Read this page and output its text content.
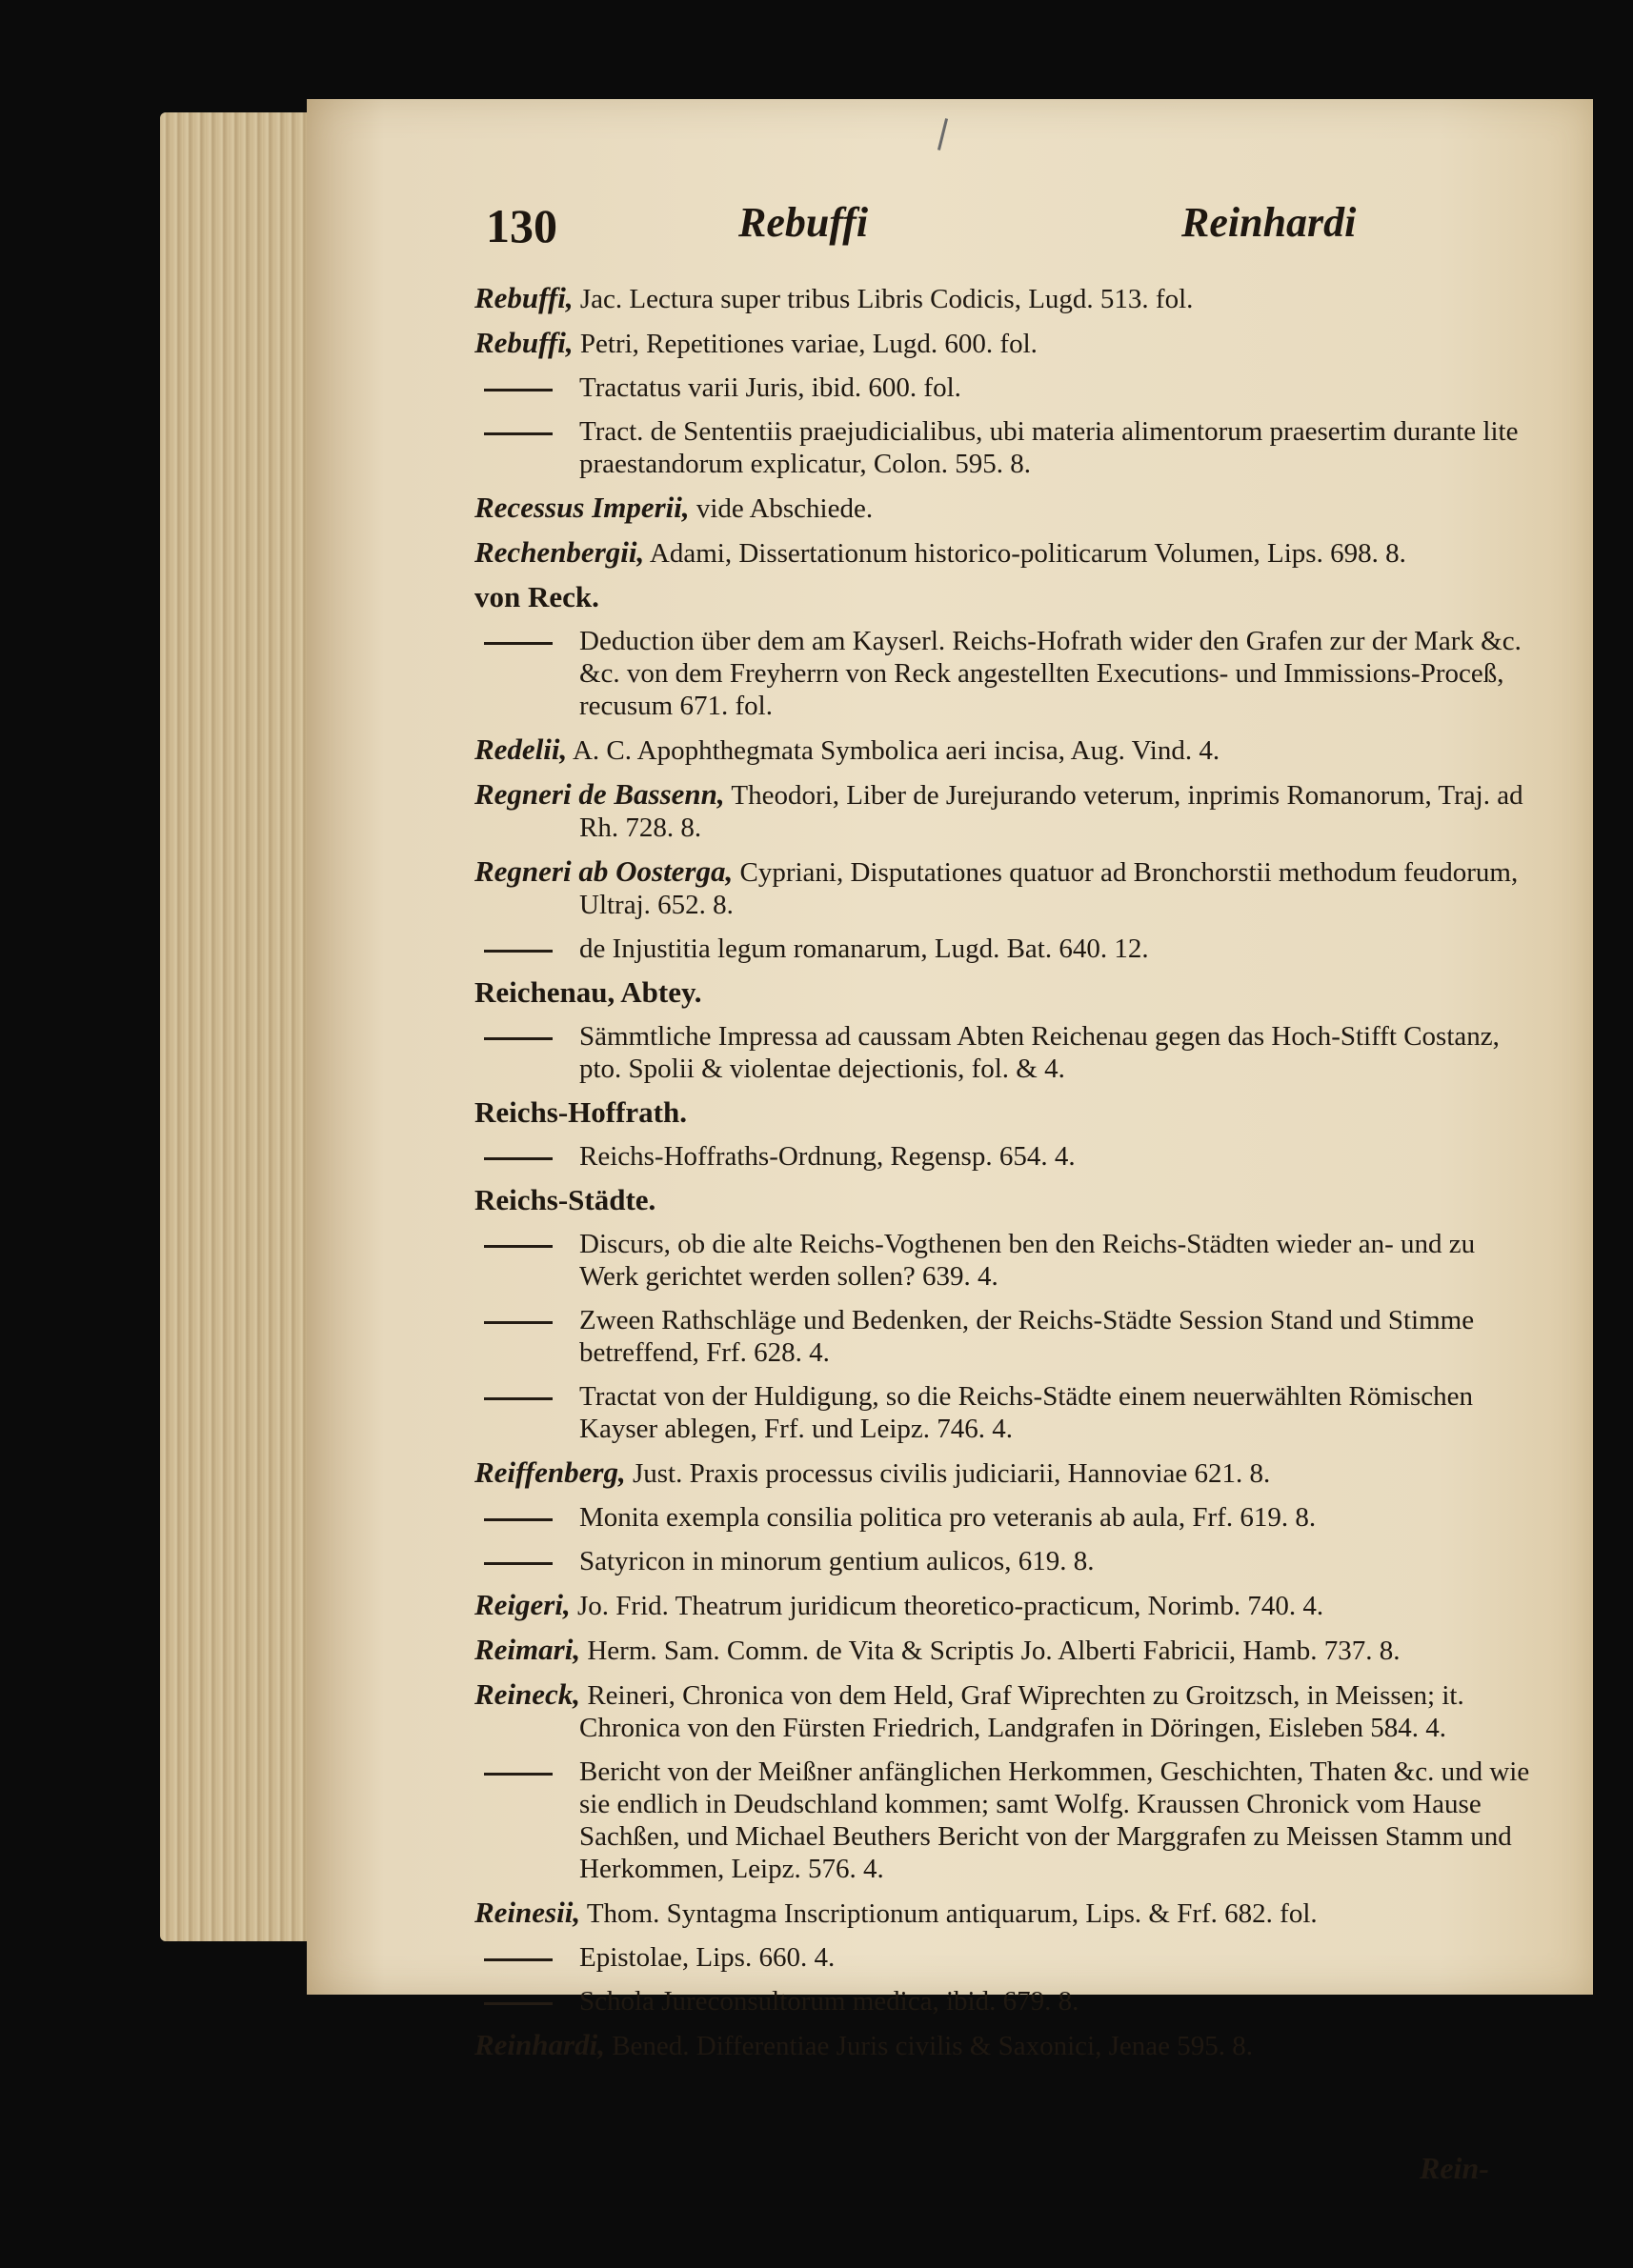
130	Rebuffi	Reinhardi
Rebuffi, Jac. Lectura super tribus Libris Codicis, Lugd. 513. fol.
Rebuffi, Petri, Repetitiones variae, Lugd. 600. fol.
Tractatus varii Juris, ibid. 600. fol.
Tract. de Sententiis praejudicialibus, ubi materia alimentorum praesertim durante lite praestandorum explicatur, Colon. 595. 8.
Recessus Imperii, vide Abschiede.
Rechenbergii, Adami, Dissertationum historico-politicarum Volumen, Lips. 698. 8.
von Reck.
Deduction über dem am Kayserl. Reichs-Hofrath wider den Grafen zur der Mark &c. &c. von dem Freyherrn von Reck angestellten Executions- und Immissions-Proceß, recusum 671. fol.
Redelii, A. C. Apophthegmata Symbolica aeri incisa, Aug. Vind. 4.
Regneri de Bassenn, Theodori, Liber de Jurejurando veterum, inprimis Romanorum, Traj. ad Rh. 728. 8.
Regneri ab Oosterga, Cypriani, Disputationes quatuor ad Bronchorstii methodum feudorum, Ultraj. 652. 8.
de Injustitia legum romanarum, Lugd. Bat. 640. 12.
Reichenau, Abtey.
Sämmtliche Impressa ad caussam Abten Reichenau gegen das Hoch-Stifft Costanz, pto. Spolii & violentae dejectionis, fol. & 4.
Reichs-Hoffrath.
Reichs-Hoffraths-Ordnung, Regensp. 654. 4.
Reichs-Städte.
Discurs, ob die alte Reichs-Vogthenen ben den Reichs-Städten wieder an- und zu Werk gerichtet werden sollen? 639. 4.
Zween Rathschläge und Bedenken, der Reichs-Städte Session Stand und Stimme betreffend, Frf. 628. 4.
Tractat von der Huldigung, so die Reichs-Städte einem neuerwählten Römischen Kayser ablegen, Frf. und Leipz. 746. 4.
Reiffenberg, Just. Praxis processus civilis judiciarii, Hannoviae 621. 8.
Monita exempla consilia politica pro veteranis ab aula, Frf. 619. 8.
Satyricon in minorum gentium aulicos, 619. 8.
Reigeri, Jo. Frid. Theatrum juridicum theoretico-practicum, Norimb. 740. 4.
Reimari, Herm. Sam. Comm. de Vita & Scriptis Jo. Alberti Fabricii, Hamb. 737. 8.
Reineck, Reineri, Chronica von dem Held, Graf Wiprechten zu Groitzsch, in Meissen; it. Chronica von den Fürsten Friedrich, Landgrafen in Döringen, Eisleben 584. 4.
Bericht von der Meißner anfänglichen Herkommen, Geschichten, Thaten &c. und wie sie endlich in Deudschland kommen; samt Wolfg. Kraussen Chronick vom Hause Sachßen, und Michael Beuthers Bericht von der Marggrafen zu Meissen Stamm und Herkommen, Leipz. 576. 4.
Reinesii, Thom. Syntagma Inscriptionum antiquarum, Lips. & Frf. 682. fol.
Epistolae, Lips. 660. 4.
Schola Jureconsultorum medica, ibid. 679. 8.
Reinhardi, Bened. Differentiae Juris civilis & Saxonici, Jenae 595. 8.
Rein-
